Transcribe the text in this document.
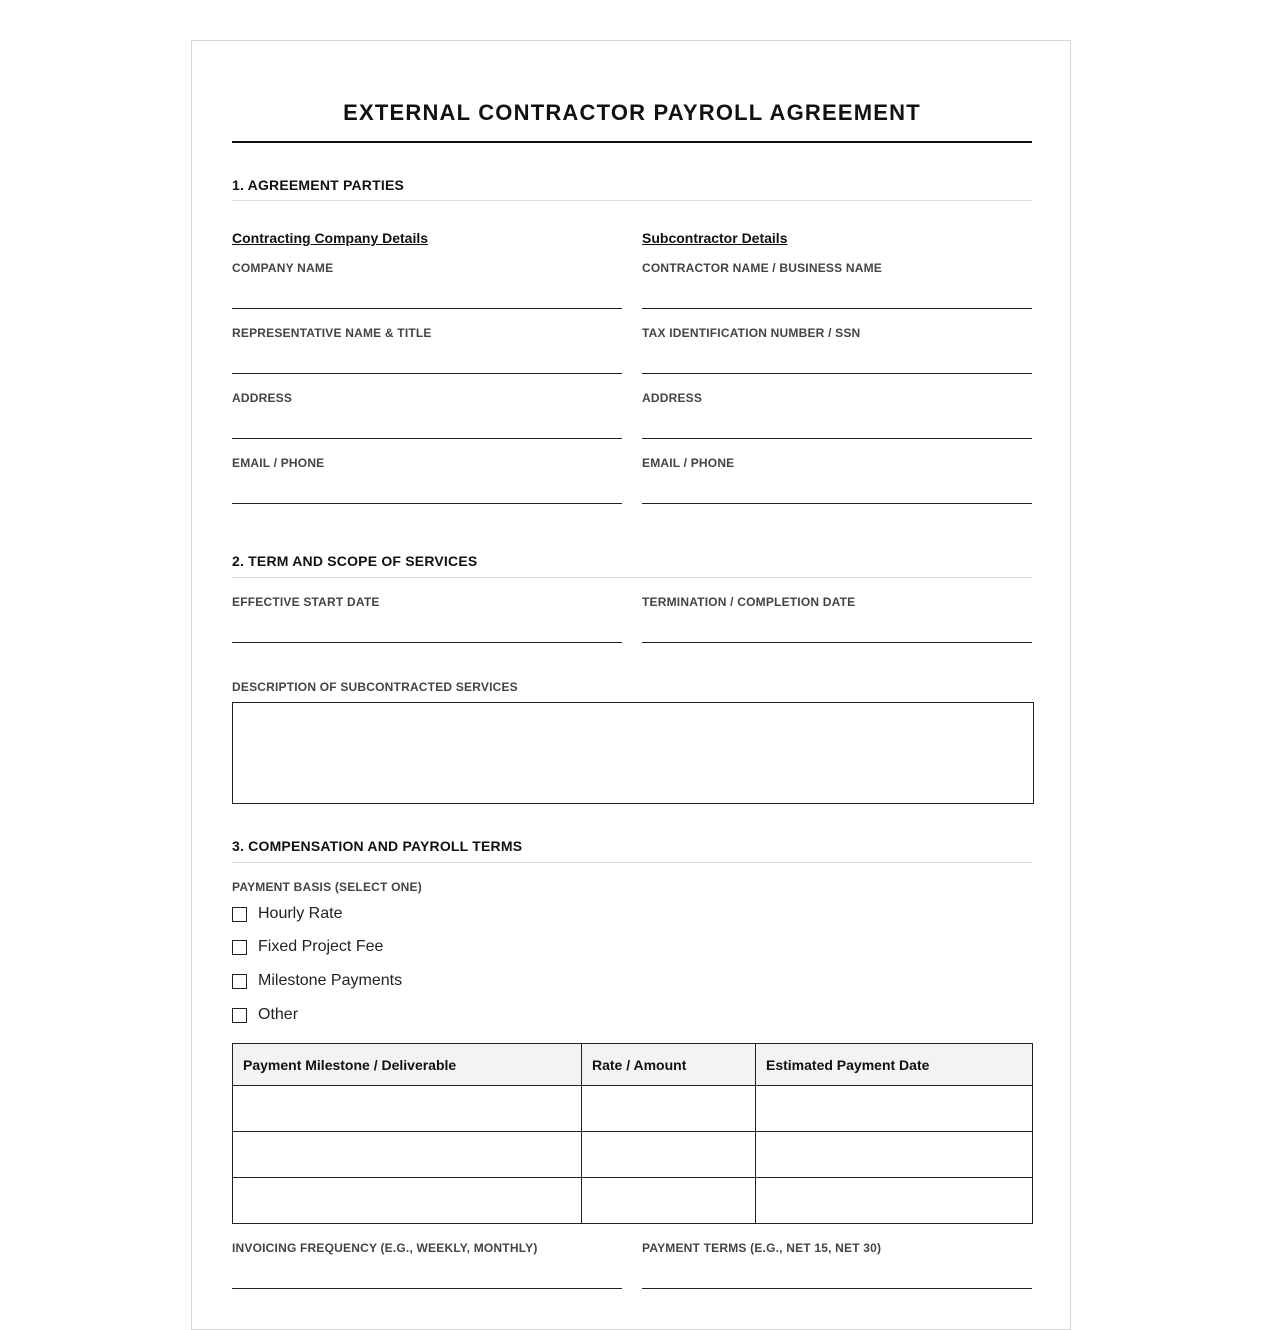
EXTERNAL CONTRACTOR PAYROLL AGREEMENT
1. AGREEMENT PARTIES
Contracting Company Details	Subcontractor Details
COMPANY NAME	CONTRACTOR NAME / BUSINESS NAME
REPRESENTATIVE NAME & TITLE	TAX IDENTIFICATION NUMBER / SSN
ADDRESS	ADDRESS
EMAIL / PHONE	EMAIL / PHONE
2. TERM AND SCOPE OF SERVICES
EFFECTIVE START DATE	TERMINATION / COMPLETION DATE
DESCRIPTION OF SUBCONTRACTED SERVICES
3. COMPENSATION AND PAYROLL TERMS
PAYMENT BASIS (SELECT ONE)
Hourly Rate
Fixed Project Fee
Milestone Payments
Other
Payment Milestone / Deliverable	Rate / Amount	Estimated Payment Date

INVOICING FREQUENCY (E.G., WEEKLY, MONTHLY)	PAYMENT TERMS (E.G., NET 15, NET 30)
